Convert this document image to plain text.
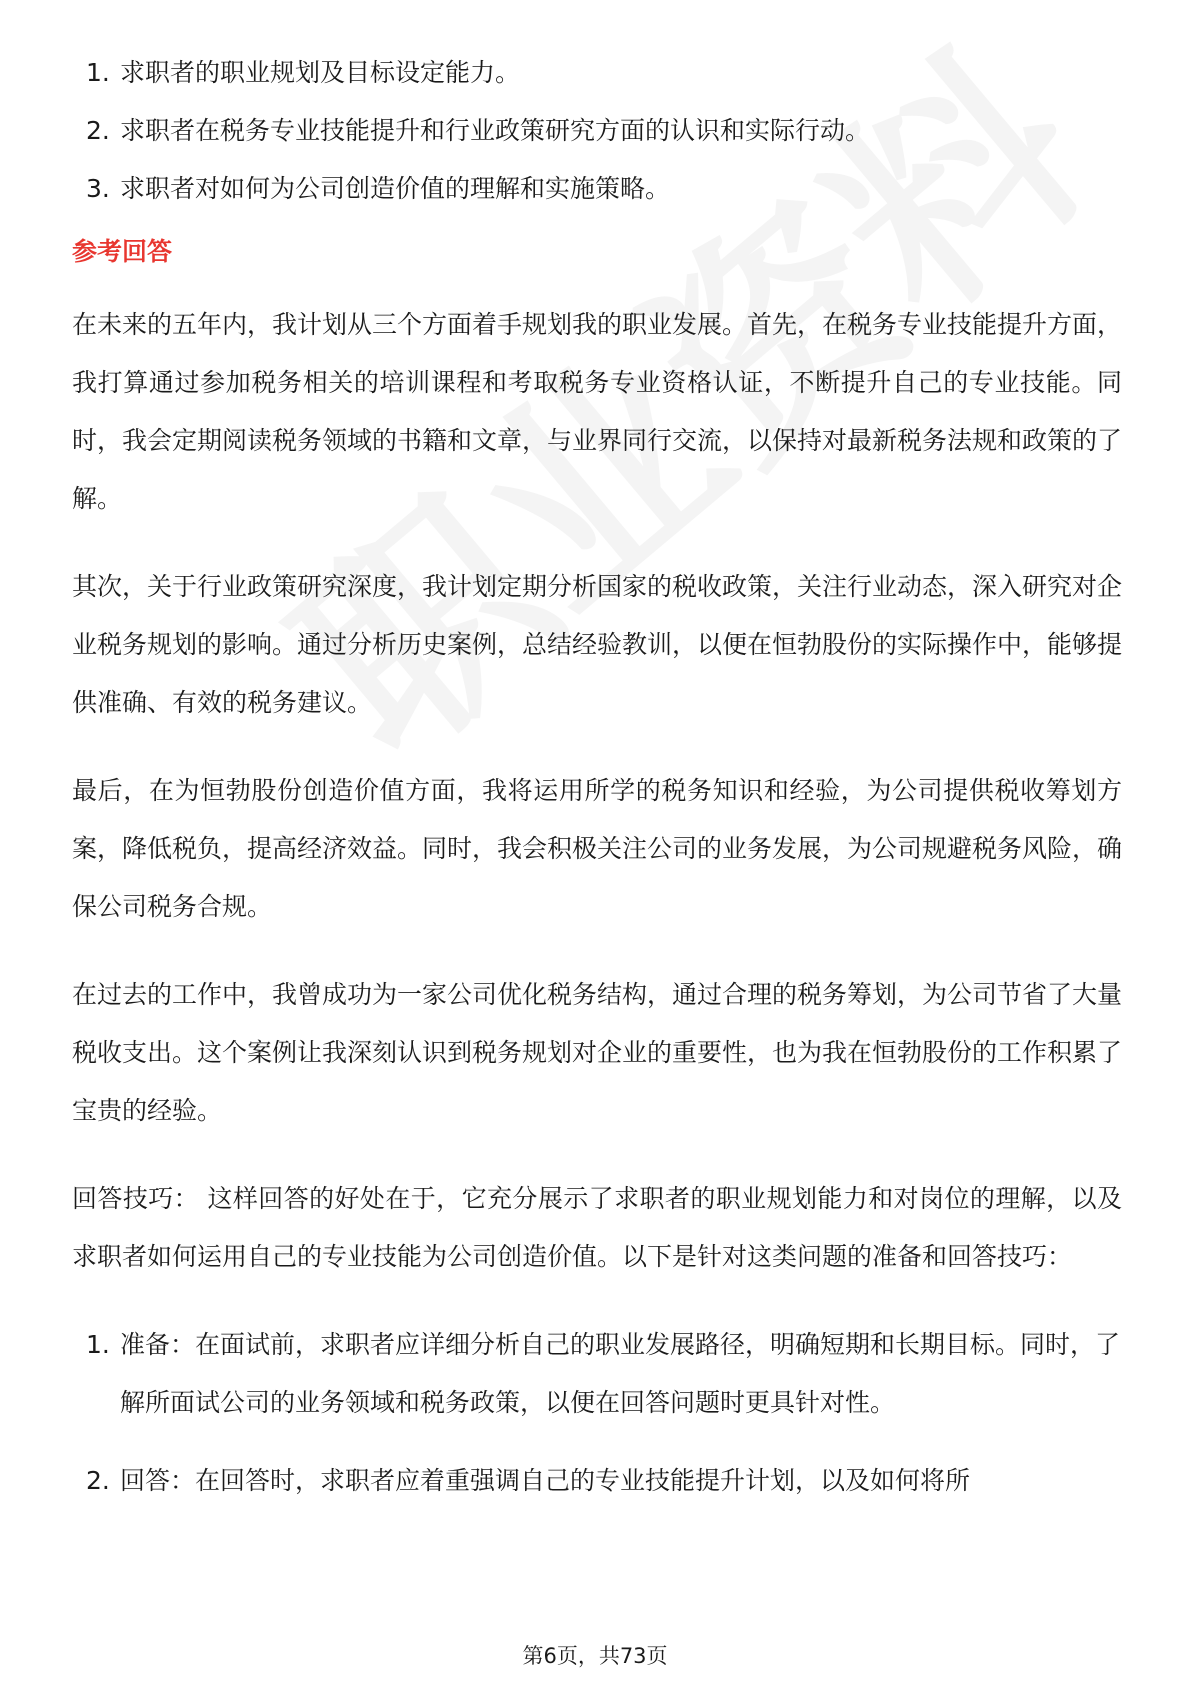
1. 求职者的职业规划及目标设定能力。
2. 求职者在税务专业技能提升和行业政策研究方面的认识和实际行动。
3. 求职者对如何为公司创造价值的理解和实施策略。
参考回答

在未来的五年内，我计划从三个方面着手规划我的职业发展。首先，在税务专业技能提升方面，我打算通过参加税务相关的培训课程和考取税务专业资格认证，不断提升自己的专业技能。同时，我会定期阅读税务领域的书籍和文章，与业界同行交流，以保持对最新税务法规和政策的了解。

其次，关于行业政策研究深度，我计划定期分析国家的税收政策，关注行业动态，深入研究对企业税务规划的影响。通过分析历史案例，总结经验教训，以便在恒勃股份的实际操作中，能够提供准确、有效的税务建议。

最后，在为恒勃股份创造价值方面，我将运用所学的税务知识和经验，为公司提供税收筹划方案，降低税负，提高经济效益。同时，我会积极关注公司的业务发展，为公司规避税务风险，确保公司税务合规。

在过去的工作中，我曾成功为一家公司优化税务结构，通过合理的税务筹划，为公司节省了大量税收支出。这个案例让我深刻认识到税务规划对企业的重要性，也为我在恒勃股份的工作积累了宝贵的经验。

回答技巧： 这样回答的好处在于，它充分展示了求职者的职业规划能力和对岗位的理解，以及求职者如何运用自己的专业技能为公司创造价值。以下是针对这类问题的准备和回答技巧：

1. 准备：在面试前，求职者应详细分析自己的职业发展路径，明确短期和长期目标。同时，了解所面试公司的业务领域和税务政策，以便在回答问题时更具针对性。
2. 回答：在回答时，求职者应着重强调自己的专业技能提升计划，以及如何将所
第6页，共73页
